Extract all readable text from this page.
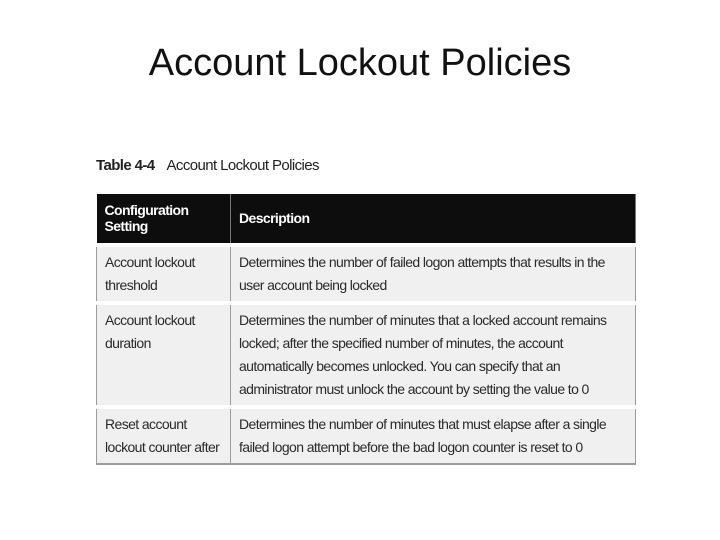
Account Lockout Policies
Table 4-4 Account Lockout Policies
Configuration Setting	Description
Account lockout threshold	Determines the number of failed logon attempts that results in the user account being locked
Account lockout duration	Determines the number of minutes that a locked account remains locked; after the specified number of minutes, the account automatically becomes unlocked. You can specify that an administrator must unlock the account by setting the value to 0
Reset account lockout counter after	Determines the number of minutes that must elapse after a single failed logon attempt before the bad logon counter is reset to 0
